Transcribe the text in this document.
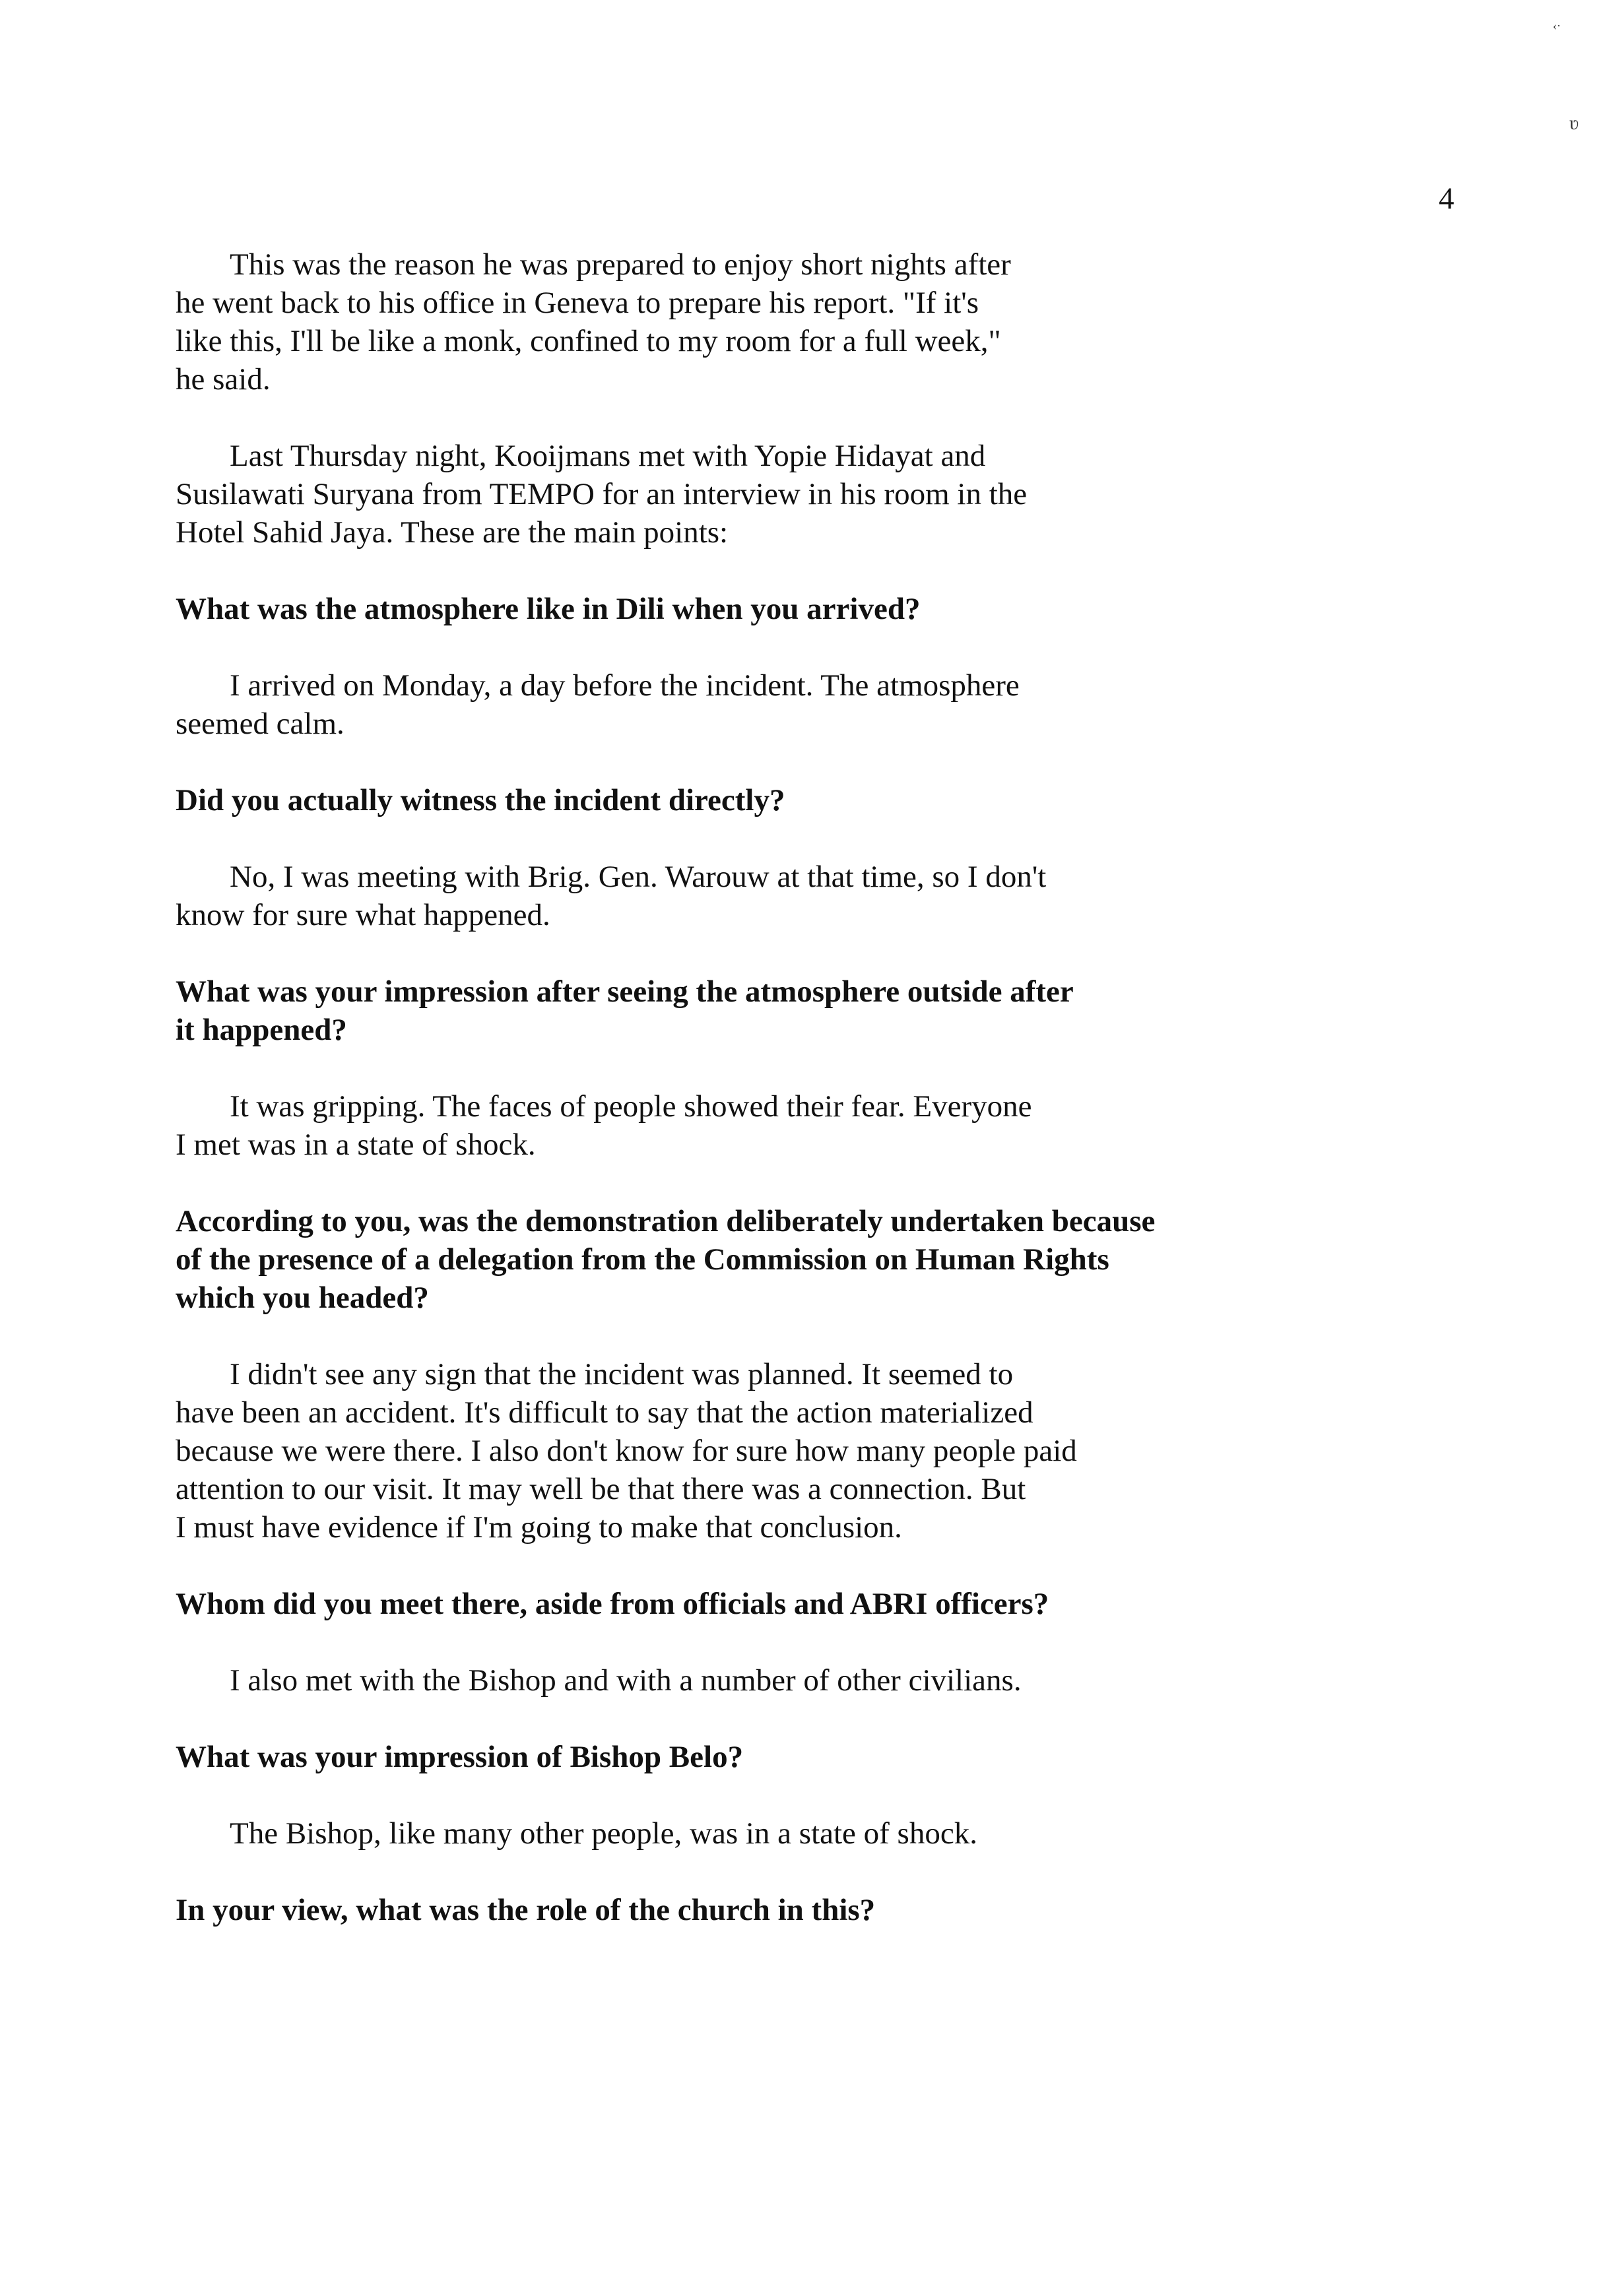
‹·
ʋ
4

This was the reason he was prepared to enjoy short nights after
he went back to his office in Geneva to prepare his report. "If it's
like this, I'll be like a monk, confined to my room for a full week,"
he said.

Last Thursday night, Kooijmans met with Yopie Hidayat and
Susilawati Suryana from TEMPO for an interview in his room in the
Hotel Sahid Jaya. These are the main points:

What was the atmosphere like in Dili when you arrived?

I arrived on Monday, a day before the incident. The atmosphere
seemed calm.

Did you actually witness the incident directly?

No, I was meeting with Brig. Gen. Warouw at that time, so I don't
know for sure what happened.

What was your impression after seeing the atmosphere outside after
it happened?

It was gripping. The faces of people showed their fear. Everyone
I met was in a state of shock.

According to you, was the demonstration deliberately undertaken because
of the presence of a delegation from the Commission on Human Rights
which you headed?

I didn't see any sign that the incident was planned. It seemed to
have been an accident. It's difficult to say that the action materialized
because we were there. I also don't know for sure how many people paid
attention to our visit. It may well be that there was a connection. But
I must have evidence if I'm going to make that conclusion.

Whom did you meet there, aside from officials and ABRI officers?

I also met with the Bishop and with a number of other civilians.

What was your impression of Bishop Belo?

The Bishop, like many other people, was in a state of shock.

In your view, what was the role of the church in this?
